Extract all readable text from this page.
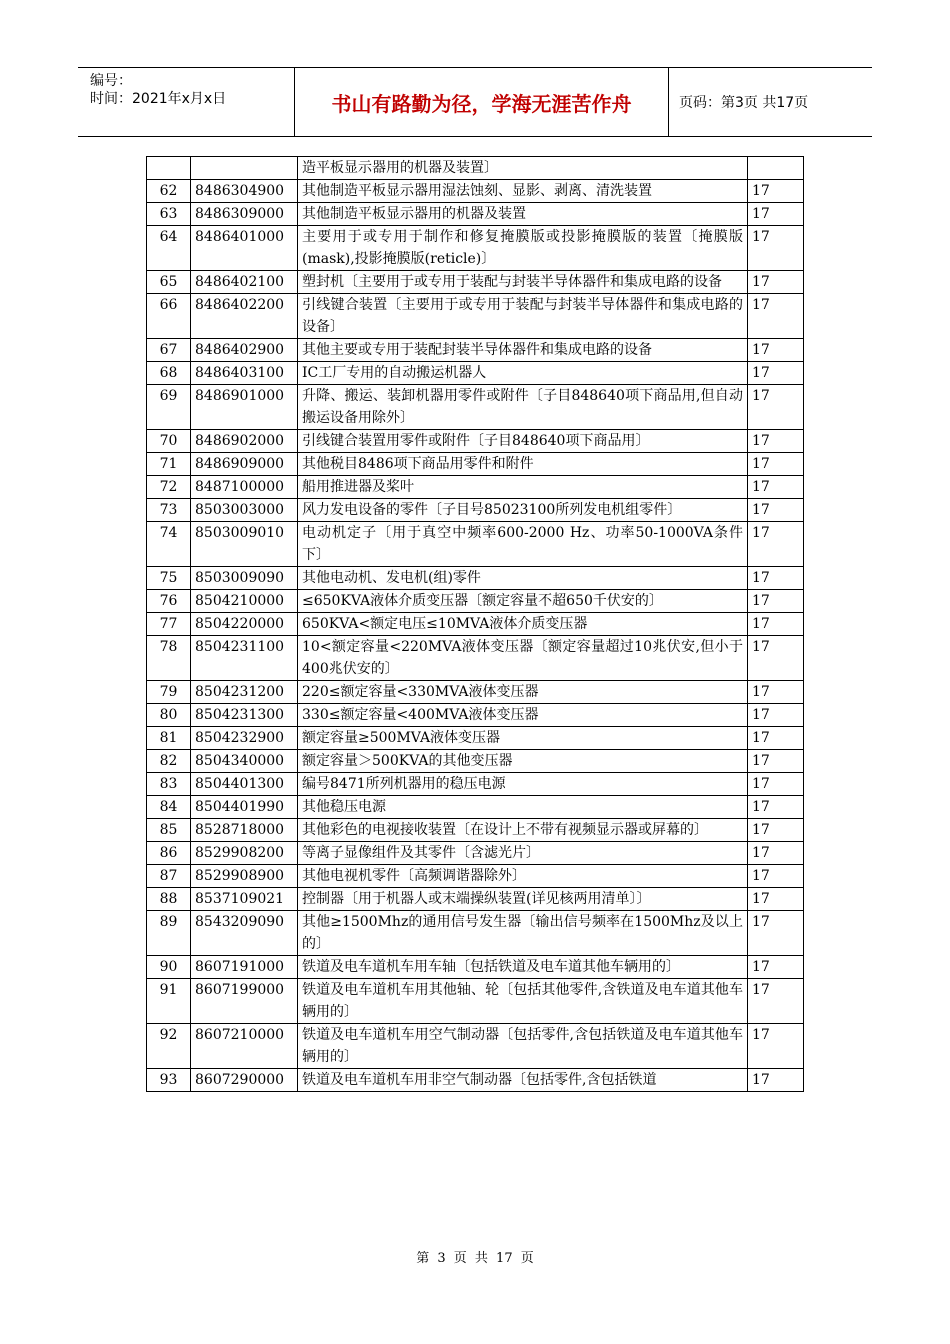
编号：
时间：2021年x月x日	书山有路勤为径，学海无涯苦作舟	页码：第3页 共17页
		造平板显示器用的机器及装置〕	
62	8486304900	其他制造平板显示器用湿法蚀刻、显影、剥离、清洗装置	17
63	8486309000	其他制造平板显示器用的机器及装置	17
64	8486401000	主要用于或专用于制作和修复掩膜版或投影掩膜版的装置〔掩膜版(mask),投影掩膜版(reticle)〕	17
65	8486402100	塑封机〔主要用于或专用于装配与封装半导体器件和集成电路的设备	17
66	8486402200	引线键合装置〔主要用于或专用于装配与封装半导体器件和集成电路的设备〕	17
67	8486402900	其他主要或专用于装配封装半导体器件和集成电路的设备	17
68	8486403100	IC工厂专用的自动搬运机器人	17
69	8486901000	升降、搬运、装卸机器用零件或附件〔子目848640项下商品用,但自动搬运设备用除外〕	17
70	8486902000	引线键合装置用零件或附件〔子目848640项下商品用〕	17
71	8486909000	其他税目8486项下商品用零件和附件	17
72	8487100000	船用推进器及桨叶	17
73	8503003000	风力发电设备的零件〔子目号85023100所列发电机组零件〕	17
74	8503009010	电动机定子〔用于真空中频率600-2000 Hz、功率50-1000VA条件下〕	17
75	8503009090	其他电动机、发电机(组)零件	17
76	8504210000	≤650KVA液体介质变压器〔额定容量不超650千伏安的〕	17
77	8504220000	650KVA<额定电压≤10MVA液体介质变压器	17
78	8504231100	10<额定容量<220MVA液体变压器〔额定容量超过10兆伏安,但小于400兆伏安的〕	17
79	8504231200	220≤额定容量<330MVA液体变压器	17
80	8504231300	330≤额定容量<400MVA液体变压器	17
81	8504232900	额定容量≥500MVA液体变压器	17
82	8504340000	额定容量＞500KVA的其他变压器	17
83	8504401300	编号8471所列机器用的稳压电源	17
84	8504401990	其他稳压电源	17
85	8528718000	其他彩色的电视接收装置〔在设计上不带有视频显示器或屏幕的〕	17
86	8529908200	等离子显像组件及其零件〔含滤光片〕	17
87	8529908900	其他电视机零件〔高频调谐器除外〕	17
88	8537109021	控制器〔用于机器人或末端操纵装置(详见核两用清单〕〕	17
89	8543209090	其他≥1500Mhz的通用信号发生器〔输出信号频率在1500Mhz及以上的〕	17
90	8607191000	铁道及电车道机车用车轴〔包括铁道及电车道其他车辆用的〕	17
91	8607199000	铁道及电车道机车用其他轴、轮〔包括其他零件,含铁道及电车道其他车辆用的〕	17
92	8607210000	铁道及电车道机车用空气制动器〔包括零件,含包括铁道及电车道其他车辆用的〕	17
93	8607290000	铁道及电车道机车用非空气制动器〔包括零件,含包括铁道	17
第 3 页 共 17 页
